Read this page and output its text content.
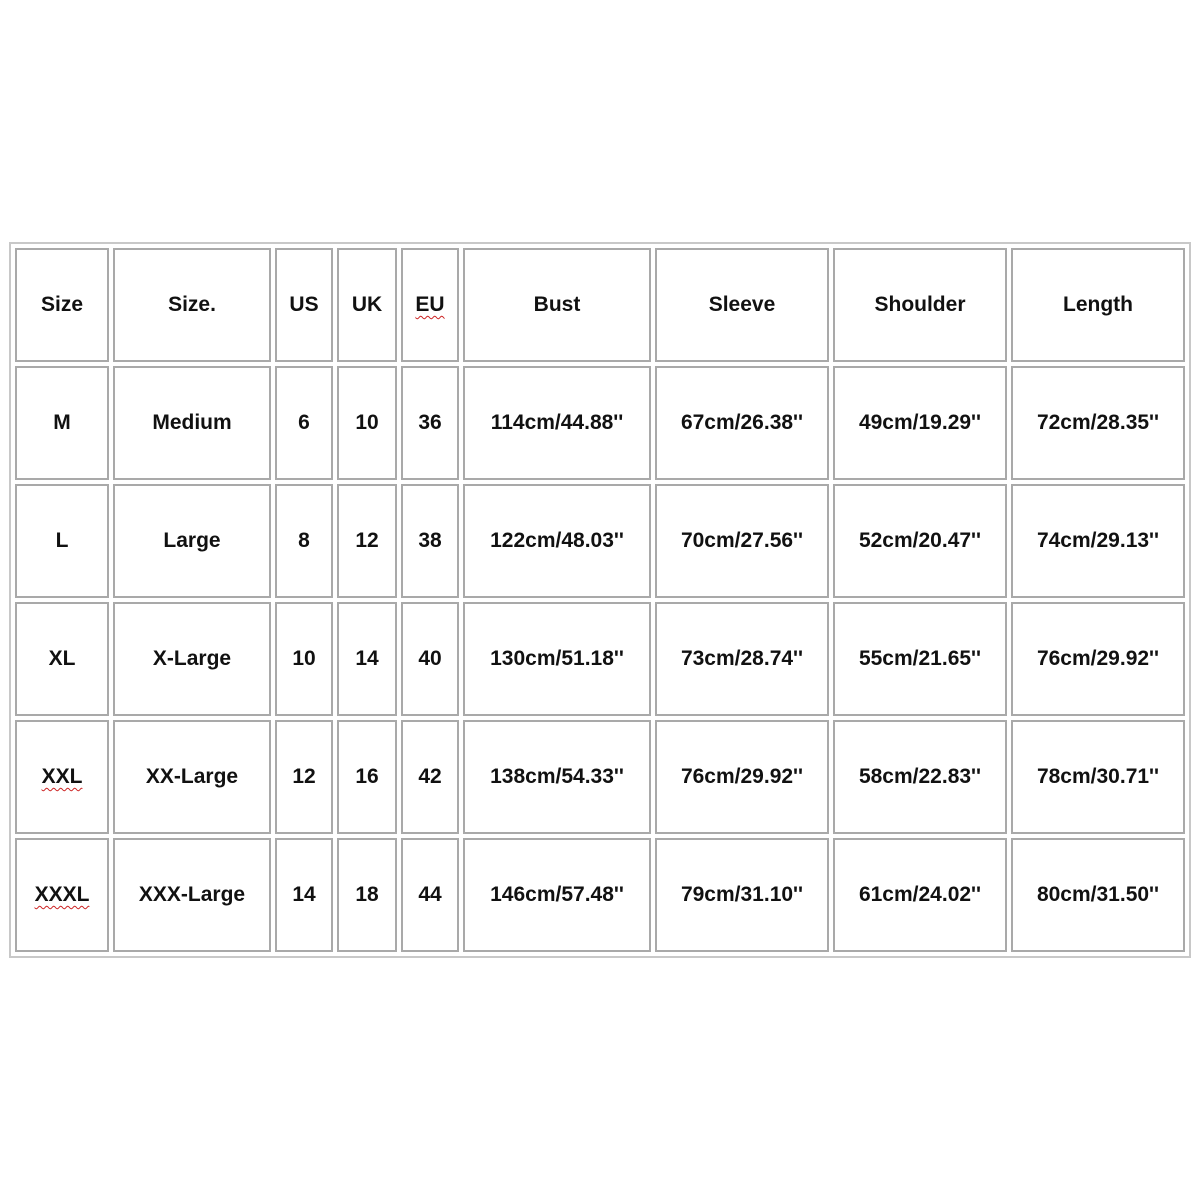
Size	Size.	US	UK	EU	Bust	Sleeve	Shoulder	Length
M	Medium	6	10	36	114cm/44.88''	67cm/26.38''	49cm/19.29''	72cm/28.35''
L	Large	8	12	38	122cm/48.03''	70cm/27.56''	52cm/20.47''	74cm/29.13''
XL	X-Large	10	14	40	130cm/51.18''	73cm/28.74''	55cm/21.65''	76cm/29.92''
XXL	XX-Large	12	16	42	138cm/54.33''	76cm/29.92''	58cm/22.83''	78cm/30.71''
XXXL	XXX-Large	14	18	44	146cm/57.48''	79cm/31.10''	61cm/24.02''	80cm/31.50''
